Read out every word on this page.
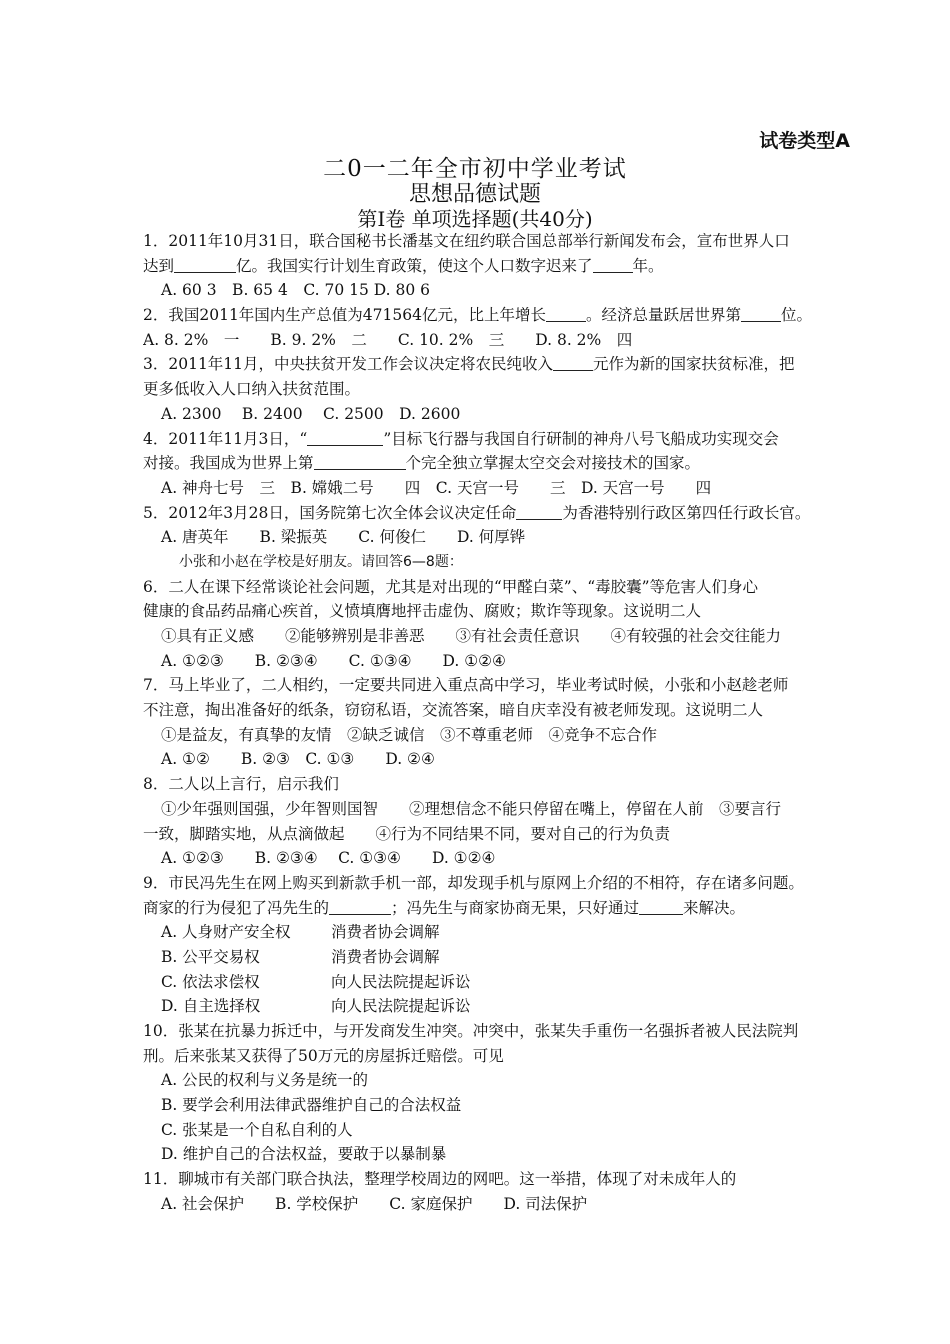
试卷类型A
二0一二年全市初中学业考试
思想品德试题
第Ⅰ卷 单项选择题(共40分)
1．2011年10月31日，联合国秘书长潘基文在纽约联合国总部举行新闻发布会，宣布世界人口
达到	亿。我国实行计划生育政策，使这个人口数字迟来了	年。
A. 60 3　B. 65 4　C. 70 15 D. 80 6
2．我国2011年国内生产总值为471564亿元，比上年增长	。经济总量跃居世界第	位。
A. 8. 2%　一　　B. 9. 2%　二　　C. 10. 2%　三　　D. 8. 2%　四
3．2011年11月，中央扶贫开发工作会议决定将农民纯收入	元作为新的国家扶贫标准，把
更多低收入人口纳入扶贫范围。
A. 2300　 B. 2400　 C. 2500　D. 2600
4．2011年11月3日，“	”目标飞行器与我国自行研制的神舟八号飞船成功实现交会
对接。我国成为世界上第	个完全独立掌握太空交会对接技术的国家。
A. 神舟七号　三　B. 嫦娥二号　　四　C. 天宫一号　　三　D. 天宫一号　　四
5．2012年3月28日，国务院第七次全体会议决定任命	为香港特别行政区第四任行政长官。
A. 唐英年　　B. 梁振英　　C. 何俊仁　　D. 何厚铧
小张和小赵在学校是好朋友。请回答6—8题：
6．二人在课下经常谈论社会问题，尤其是对出现的“甲醛白菜”、“毒胶囊”等危害人们身心
健康的食品药品痛心疾首，义愤填膺地抨击虚伪、腐败；欺诈等现象。这说明二人
①具有正义感　　②能够辨别是非善恶　　③有社会责任意识　　④有较强的社会交往能力
A. ①②③　　B. ②③④　　C. ①③④　　D. ①②④
7．马上毕业了，二人相约，一定要共同进入重点高中学习，毕业考试时候，小张和小赵趁老师
不注意，掏出准备好的纸条，窃窃私语，交流答案，暗自庆幸没有被老师发现。这说明二人
①是益友，有真挚的友情　②缺乏诚信　③不尊重老师　④竞争不忘合作
A. ①②　　B. ②③　C. ①③　　D. ②④
8．二人以上言行，启示我们
①少年强则国强，少年智则国智　　②理想信念不能只停留在嘴上，停留在人前　③要言行
一致，脚踏实地，从点滴做起　　④行为不同结果不同，要对自己的行为负责
A. ①②③　　B. ②③④　 C. ①③④　　D. ①②④
9．市民冯先生在网上购买到新款手机一部，却发现手机与原网上介绍的不相符，存在诸多问题。
商家的行为侵犯了冯先生的	；冯先生与商家协商无果，只好通过	来解决。
A. 人身财产安全权	消费者协会调解
B. 公平交易权	消费者协会调解
C. 依法求偿权	向人民法院提起诉讼
D. 自主选择权	向人民法院提起诉讼
10．张某在抗暴力拆迁中，与开发商发生冲突。冲突中，张某失手重伤一名强拆者被人民法院判
刑。后来张某又获得了50万元的房屋拆迁赔偿。可见
A. 公民的权利与义务是统一的
B. 要学会利用法律武器维护自己的合法权益
C. 张某是一个自私自利的人
D. 维护自己的合法权益，要敢于以暴制暴
11．聊城市有关部门联合执法，整理学校周边的网吧。这一举措，体现了对未成年人的
A. 社会保护　　B. 学校保护　　C. 家庭保护　　D. 司法保护
